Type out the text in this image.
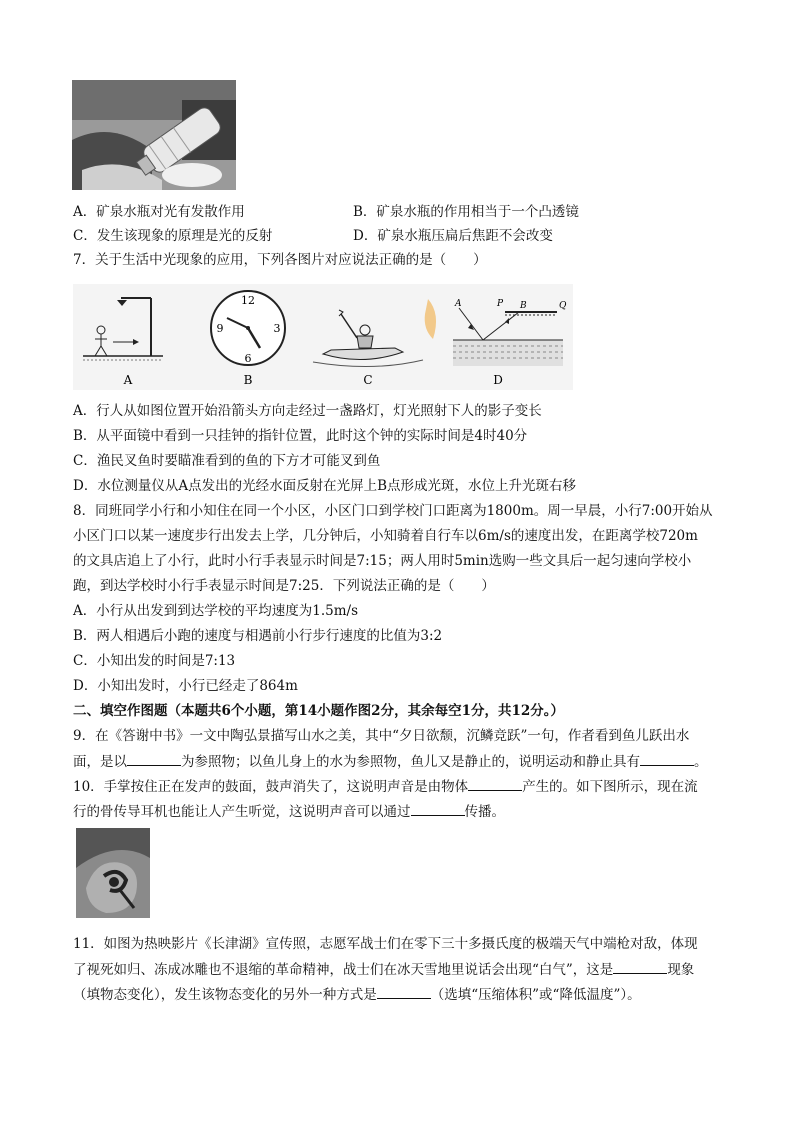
A．矿泉水瓶对光有发散作用	B．矿泉水瓶的作用相当于一个凸透镜
C．发生该现象的原理是光的反射	D．矿泉水瓶压扁后焦距不会改变
7．关于生活中光现象的应用，下列各图片对应说法正确的是（　　）
12
9
6
3
A	B
P	Q
A	B	C	D
A．行人从如图位置开始沿箭头方向走经过一盏路灯，灯光照射下人的影子变长
B．从平面镜中看到一只挂钟的指针位置，此时这个钟的实际时间是4时40分
C．渔民叉鱼时要瞄准看到的鱼的下方才可能叉到鱼
D．水位测量仪从A点发出的光经水面反射在光屏上B点形成光斑，水位上升光斑右移
8．同班同学小行和小知住在同一个小区，小区门口到学校门口距离为1800m。周一早晨，小行7:00开始从
小区门口以某一速度步行出发去上学，几分钟后，小知骑着自行车以6m/s的速度出发，在距离学校720m
的文具店追上了小行，此时小行手表显示时间是7:15；两人用时5min选购一些文具后一起匀速向学校小
跑，到达学校时小行手表显示时间是7:25．下列说法正确的是（　　）
A．小行从出发到到达学校的平均速度为1.5m/s
B．两人相遇后小跑的速度与相遇前小行步行速度的比值为3:2
C．小知出发的时间是7:13
D．小知出发时，小行已经走了864m
二、填空作图题（本题共6个小题，第14小题作图2分，其余每空1分，共12分。）
9．在《答谢中书》一文中陶弘景描写山水之美，其中“夕日欲颓，沉鳞竞跃”一句，作者看到鱼儿跃出水
面，是以	为参照物；以鱼儿身上的水为参照物，鱼儿又是静止的，说明运动和静止具有	。
10．手掌按住正在发声的鼓面，鼓声消失了，这说明声音是由物体	产生的。如下图所示，现在流
行的骨传导耳机也能让人产生听觉，这说明声音可以通过	传播。
11．如图为热映影片《长津湖》宣传照，志愿军战士们在零下三十多摄氏度的极端天气中端枪对敌，体现
了视死如归、冻成冰雕也不退缩的革命精神，战士们在冰天雪地里说话会出现“白气”，这是	现象
（填物态变化），发生该物态变化的另外一种方式是	（选填“压缩体积”或“降低温度”）。
